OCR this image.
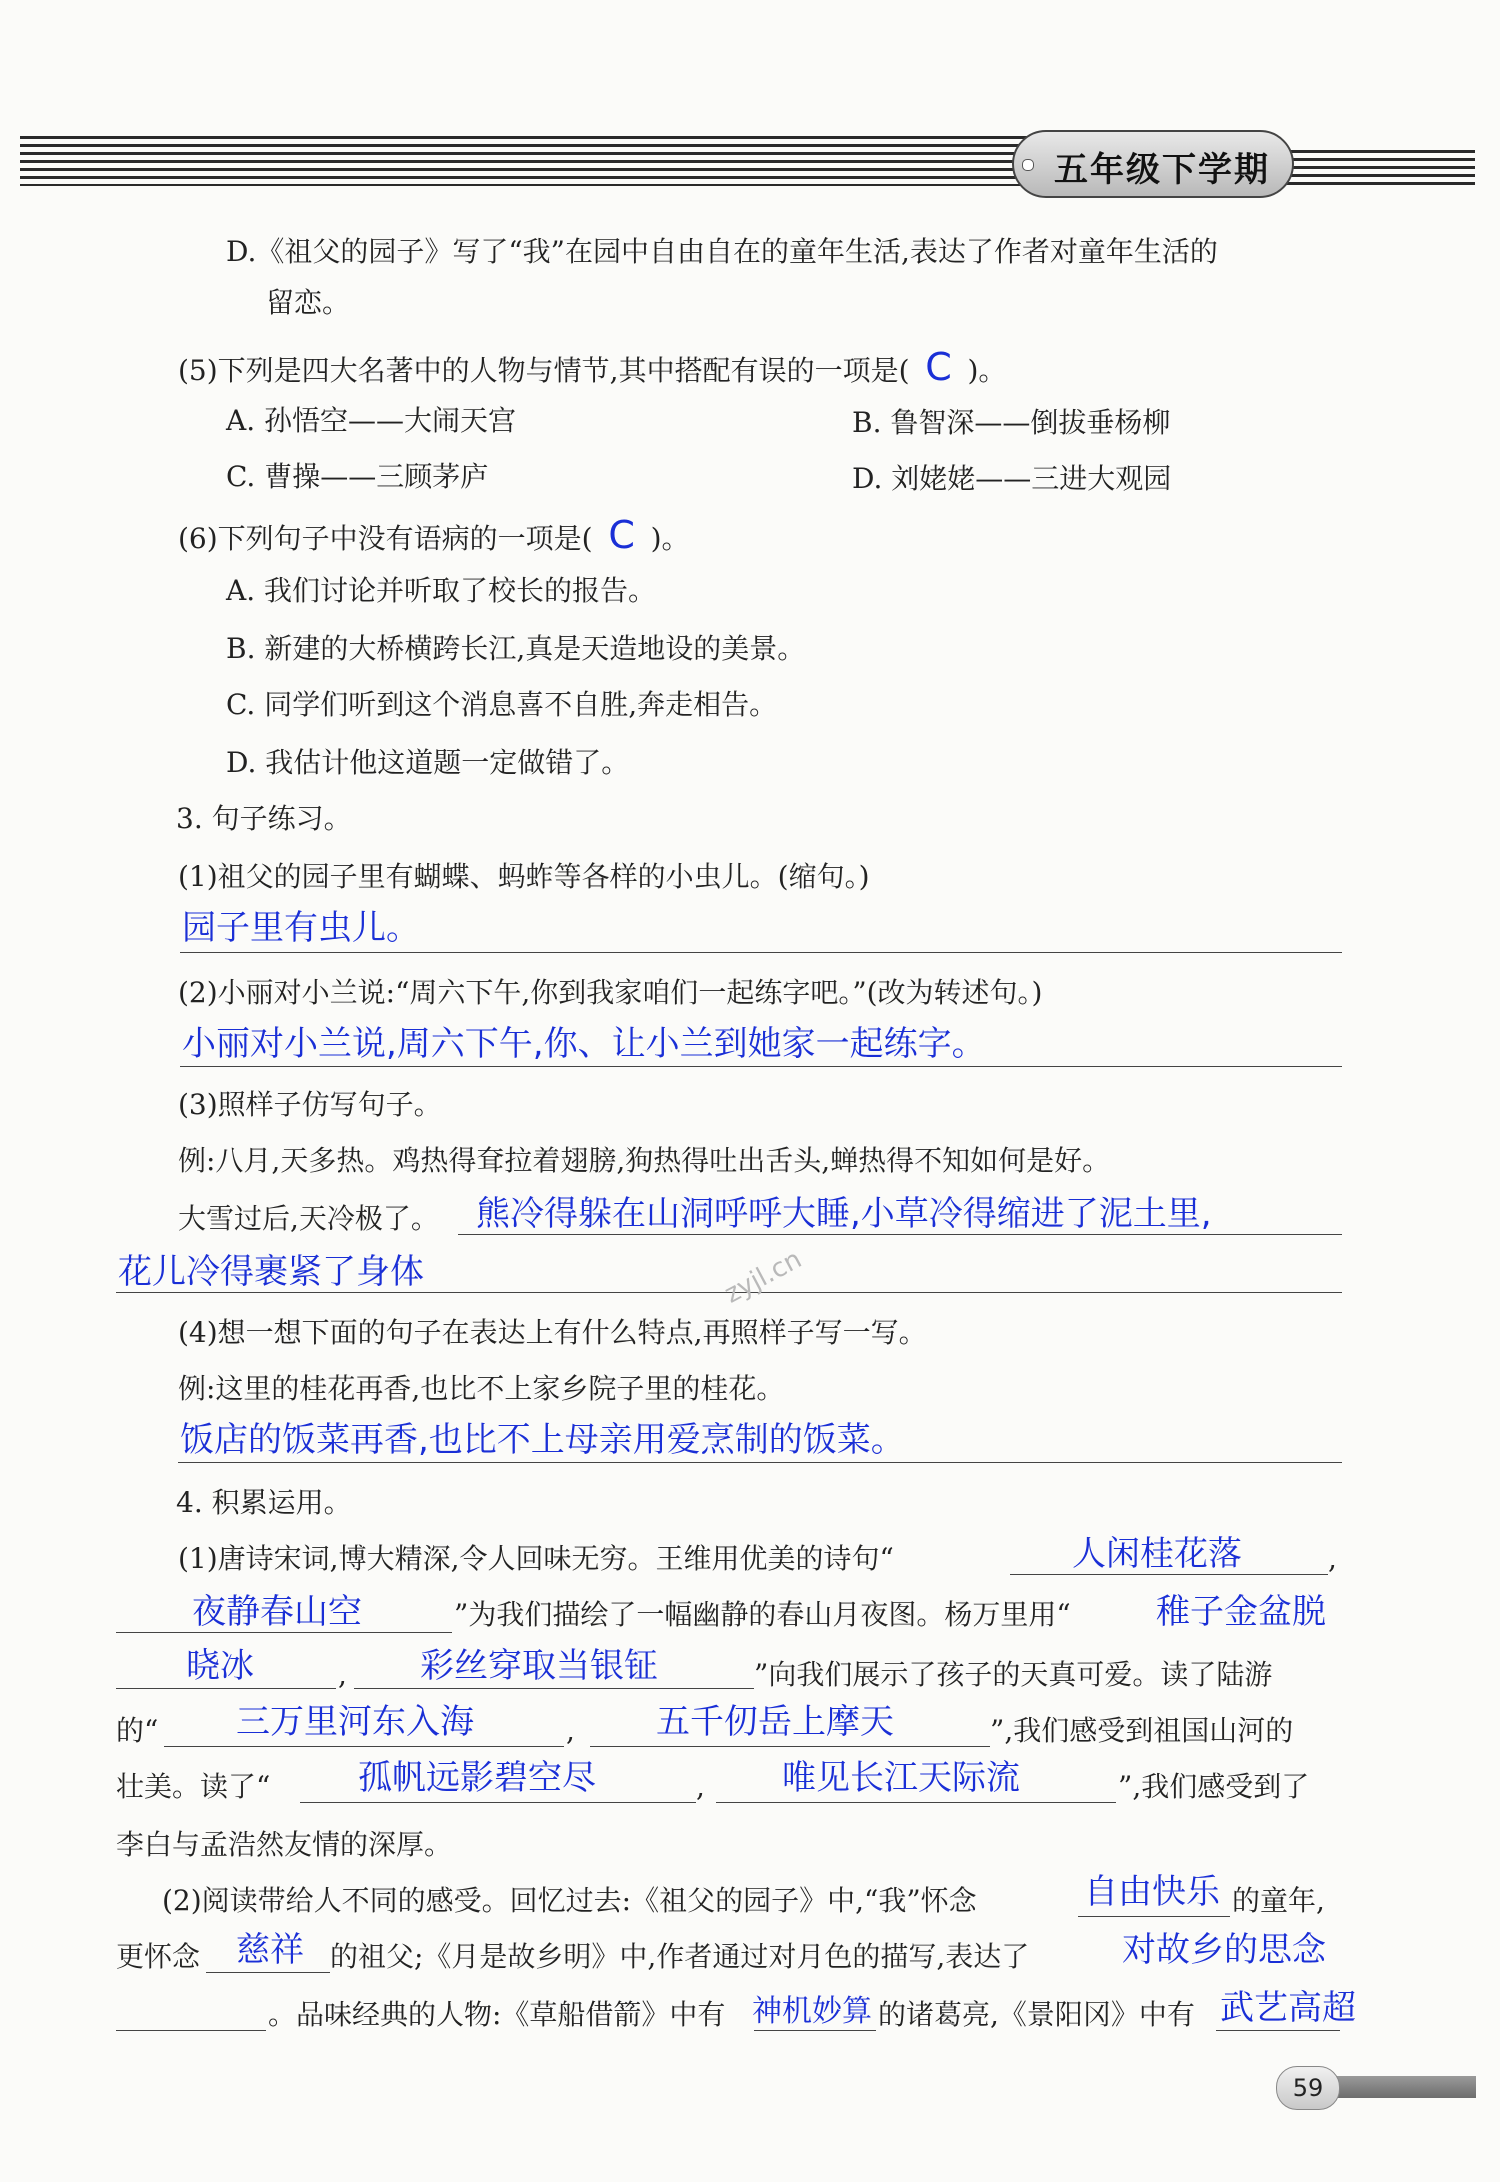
五年级下学期
D.《祖父的园子》写了“我”在园中自由自在的童年生活,表达了作者对童年生活的
留恋。
(5)下列是四大名著中的人物与情节,其中搭配有误的一项是( C )。
A. 孙悟空——大闹天宫	B. 鲁智深——倒拔垂杨柳
C. 曹操——三顾茅庐	D. 刘姥姥——三进大观园
(6)下列句子中没有语病的一项是( C )。
A. 我们讨论并听取了校长的报告。
B. 新建的大桥横跨长江,真是天造地设的美景。
C. 同学们听到这个消息喜不自胜,奔走相告。
D. 我估计他这道题一定做错了。
3. 句子练习。
(1)祖父的园子里有蝴蝶、蚂蚱等各样的小虫儿。(缩句。)
园子里有虫儿。
(2)小丽对小兰说:“周六下午,你到我家咱们一起练字吧。”(改为转述句。)
小丽对小兰说,周六下午,你、让小兰到她家一起练字。
(3)照样子仿写句子。
例:八月,天多热。鸡热得耷拉着翅膀,狗热得吐出舌头,蝉热得不知如何是好。
大雪过后,天冷极了。 熊冷得躲在山洞呼呼大睡,小草冷得缩进了泥土里,
花儿冷得裹紧了身体	zyjl.cn
(4)想一想下面的句子在表达上有什么特点,再照样子写一写。
例:这里的桂花再香,也比不上家乡院子里的桂花。
饭店的饭菜再香,也比不上母亲用爱烹制的饭菜。
4. 积累运用。
(1)唐诗宋词,博大精深,令人回味无穷。王维用优美的诗句“	人闲桂花落	,
夜静春山空	”为我们描绘了一幅幽静的春山月夜图。杨万里用“	稚子金盆脱
晓冰	, 彩丝穿取当银钲	”向我们展示了孩子的天真可爱。读了陆游
的“ 三万里河东入海	, 五千仞岳上摩天	”,我们感受到祖国山河的
壮美。读了“	孤帆远影碧空尽	, 唯见长江天际流	”,我们感受到了
李白与孟浩然友情的深厚。
(2)阅读带给人不同的感受。回忆过去:《祖父的园子》中,“我”怀念	自由快乐 的童年,
更怀念 慈祥 的祖父;《月是故乡明》中,作者通过对月色的描写,表达了	对故乡的思念
。品味经典的人物:《草船借箭》中有 神机妙算 的诸葛亮,《景阳冈》中有 武艺高超
59
